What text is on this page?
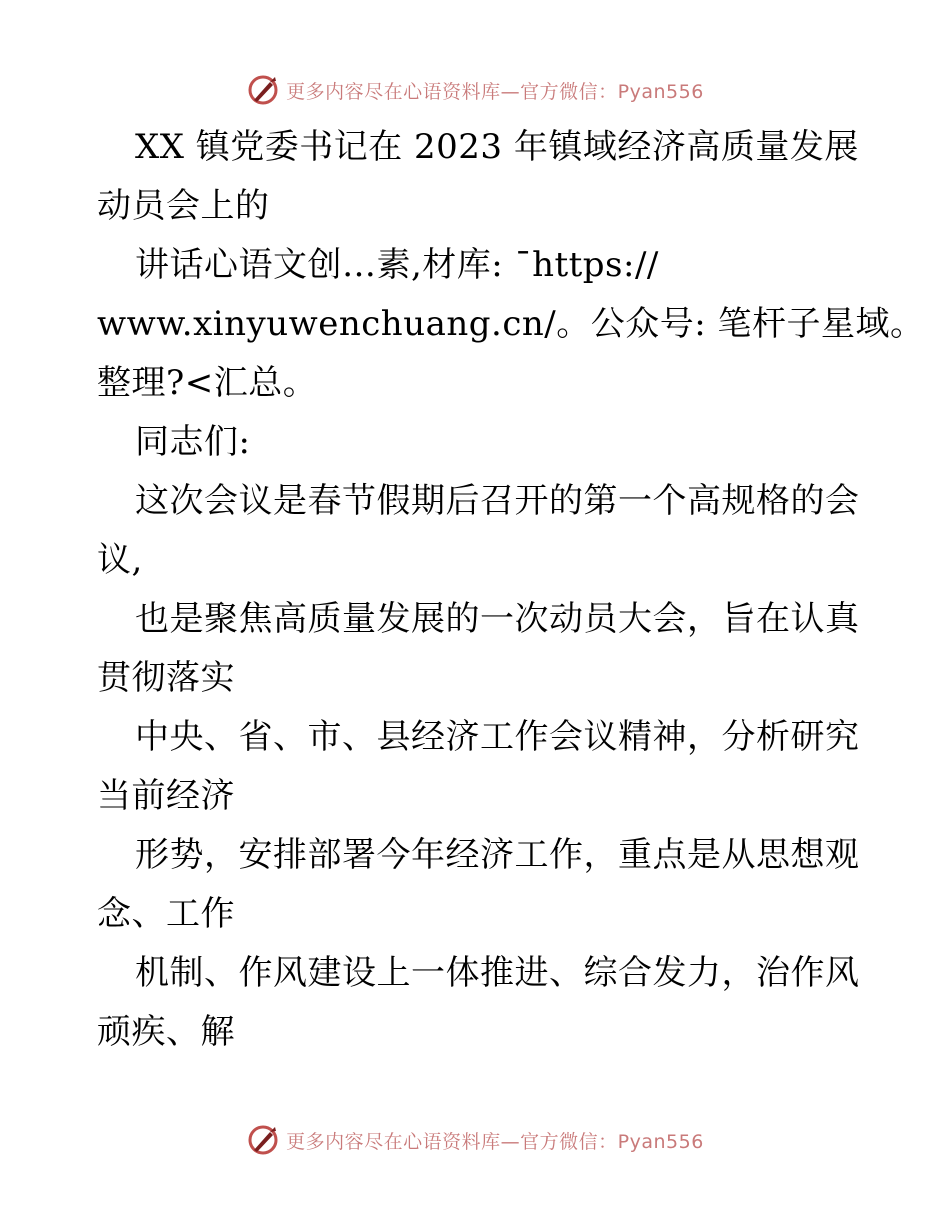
更多内容尽在心语资料库—官方微信：Pyan556
XX 镇党委书记在 2023 年镇域经济高质量发展
动员会上的
讲话心语文创…素,材库: ¯https://
www.xinyuwenchuang.cn/。公众号: 笔杆子星域。
整理?<汇总。
同志们:
这次会议是春节假期后召开的第一个高规格的会
议,
也是聚焦高质量发展的一次动员大会，旨在认真
贯彻落实
中央、省、市、县经济工作会议精神，分析研究
当前经济
形势，安排部署今年经济工作，重点是从思想观
念、工作
机制、作风建设上一体推进、综合发力，治作风
顽疾、解
更多内容尽在心语资料库—官方微信：Pyan556
